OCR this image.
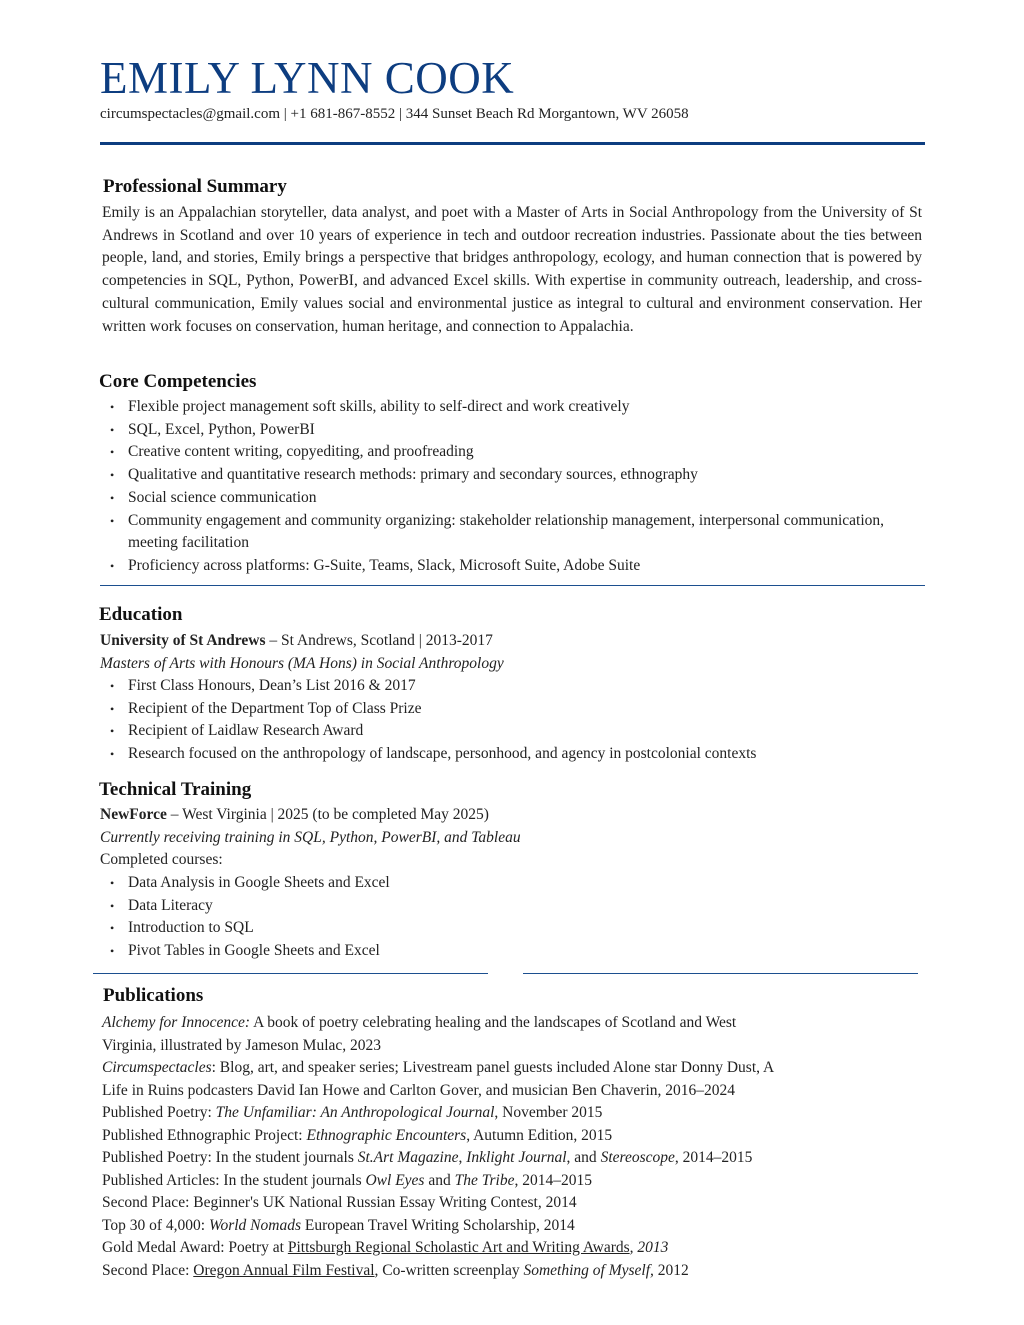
EMILY LYNN COOK
circumspectacles@gmail.com | +1 681-867-8552 | 344 Sunset Beach Rd Morgantown, WV 26058
Professional Summary
Emily is an Appalachian storyteller, data analyst, and poet with a Master of Arts in Social Anthropology from the University of St Andrews in Scotland and over 10 years of experience in tech and outdoor recreation industries. Passionate about the ties between people, land, and stories, Emily brings a perspective that bridges anthropology, ecology, and human connection that is powered by competencies in SQL, Python, PowerBI, and advanced Excel skills. With expertise in community outreach, leadership, and cross-cultural communication, Emily values social and environmental justice as integral to cultural and environment conservation. Her written work focuses on conservation, human heritage, and connection to Appalachia.
Core Competencies
• Flexible project management soft skills, ability to self-direct and work creatively
• SQL, Excel, Python, PowerBI
• Creative content writing, copyediting, and proofreading
• Qualitative and quantitative research methods: primary and secondary sources, ethnography
• Social science communication
• Community engagement and community organizing: stakeholder relationship management, interpersonal communication, meeting facilitation
• Proficiency across platforms: G-Suite, Teams, Slack, Microsoft Suite, Adobe Suite
Education
University of St Andrews – St Andrews, Scotland | 2013-2017
Masters of Arts with Honours (MA Hons) in Social Anthropology
• First Class Honours, Dean’s List 2016 & 2017
• Recipient of the Department Top of Class Prize
• Recipient of Laidlaw Research Award
• Research focused on the anthropology of landscape, personhood, and agency in postcolonial contexts
Technical Training
NewForce – West Virginia | 2025 (to be completed May 2025)
Currently receiving training in SQL, Python, PowerBI, and Tableau
Completed courses:
• Data Analysis in Google Sheets and Excel
• Data Literacy
• Introduction to SQL
• Pivot Tables in Google Sheets and Excel
Publications
Alchemy for Innocence: A book of poetry celebrating healing and the landscapes of Scotland and West
Virginia, illustrated by Jameson Mulac, 2023
Circumspectacles: Blog, art, and speaker series; Livestream panel guests included Alone star Donny Dust, A
Life in Ruins podcasters David Ian Howe and Carlton Gover, and musician Ben Chaverin, 2016–2024
Published Poetry: The Unfamiliar: An Anthropological Journal, November 2015
Published Ethnographic Project: Ethnographic Encounters, Autumn Edition, 2015
Published Poetry: In the student journals St.Art Magazine, Inklight Journal, and Stereoscope, 2014–2015
Published Articles: In the student journals Owl Eyes and The Tribe, 2014–2015
Second Place: Beginner's UK National Russian Essay Writing Contest, 2014
Top 30 of 4,000: World Nomads European Travel Writing Scholarship, 2014
Gold Medal Award: Poetry at Pittsburgh Regional Scholastic Art and Writing Awards, 2013
Second Place: Oregon Annual Film Festival, Co-written screenplay Something of Myself, 2012
